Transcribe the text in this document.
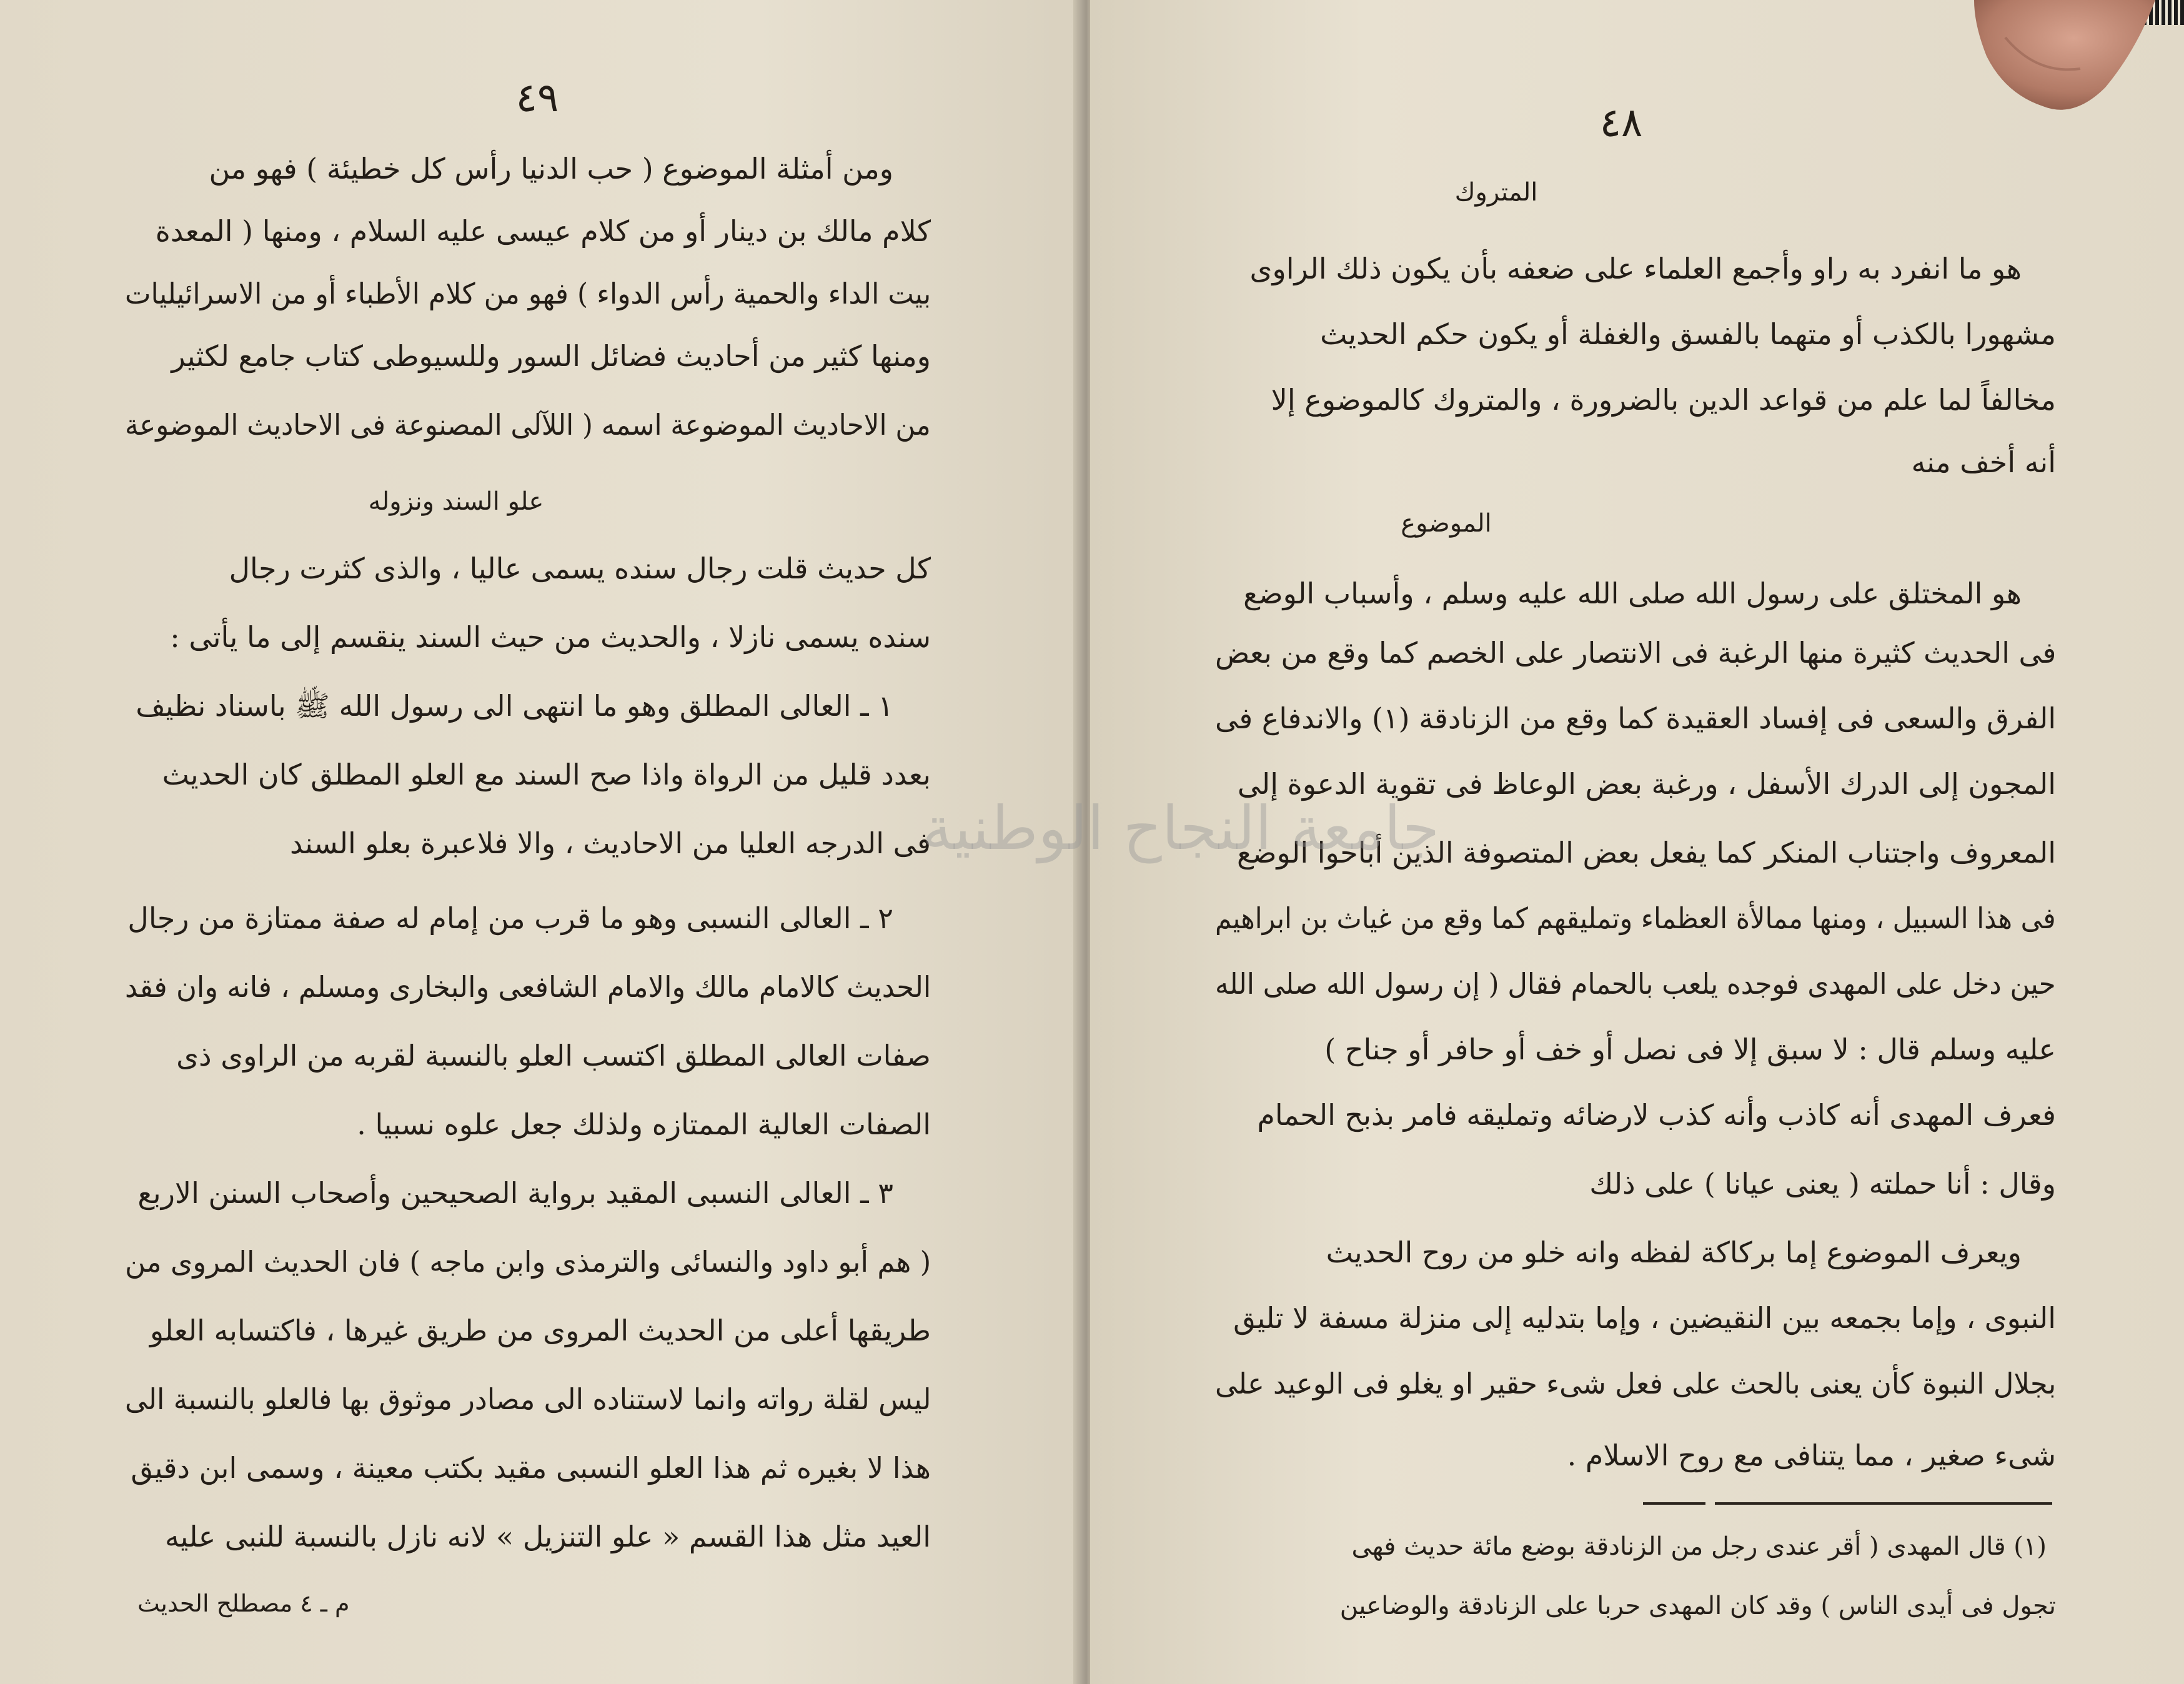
٤٩
ومن أمثلة الموضوع ( حب الدنيا رأس كل خطيئة ) فهو من
كلام مالك بن دينار أو من كلام عيسى عليه السلام ، ومنها ( المعدة
بيت الداء والحمية رأس الدواء ) فهو من كلام الأطباء أو من الاسرائيليات
ومنها كثير من أحاديث فضائل السور وللسيوطى كتاب جامع لكثير
من الاحاديث الموضوعة اسمه ( اللآلى المصنوعة فى الاحاديث الموضوعة
علو السند ونزوله
كل حديث قلت رجال سنده يسمى عاليا ، والذى كثرت رجال
سنده يسمى نازلا ، والحديث من حيث السند ينقسم إلى ما يأتى :
١ ـ العالى المطلق وهو ما انتهى الى رسول الله ﷺ باسناد نظيف
بعدد قليل من الرواة واذا صح السند مع العلو المطلق كان الحديث
فى الدرجه العليا من الاحاديث ، والا فلاعبرة بعلو السند
٢ ـ العالى النسبى وهو ما قرب من إمام له صفة ممتازة من رجال
الحديث كالامام مالك والامام الشافعى والبخارى ومسلم ، فانه وان فقد
صفات العالى المطلق اكتسب العلو بالنسبة لقربه من الراوى ذى
الصفات العالية الممتازه ولذلك جعل علوه نسبيا .
٣ ـ العالى النسبى المقيد برواية الصحيحين وأصحاب السنن الاربع
( هم أبو داود والنسائى والترمذى وابن ماجه ) فان الحديث المروى من
طريقها أعلى من الحديث المروى من طريق غيرها ، فاكتسابه العلو
ليس لقلة رواته وانما لاستناده الى مصادر موثوق بها فالعلو بالنسبة الى
هذا لا بغيره ثم هذا العلو النسبى مقيد بكتب معينة ، وسمى ابن دقيق
العيد مثل هذا القسم « علو التنزيل » لانه نازل بالنسبة للنبى عليه
م ـ ٤ مصطلح الحديث
٤٨
المتروك
هو ما انفرد به راو وأجمع العلماء على ضعفه بأن يكون ذلك الراوى
مشهورا بالكذب أو متهما بالفسق والغفلة أو يكون حكم الحديث
مخالفاً لما علم من قواعد الدين بالضرورة ، والمتروك كالموضوع إلا
أنه أخف منه
الموضوع
هو المختلق على رسول الله صلى الله عليه وسلم ، وأسباب الوضع
فى الحديث كثيرة منها الرغبة فى الانتصار على الخصم كما وقع من بعض
الفرق والسعى فى إفساد العقيدة كما وقع من الزنادقة (١) والاندفاع فى
المجون إلى الدرك الأسفل ، ورغبة بعض الوعاظ فى تقوية الدعوة إلى
المعروف واجتناب المنكر كما يفعل بعض المتصوفة الذين أباحوا الوضع
فى هذا السبيل ، ومنها ممالأة العظماء وتمليقهم كما وقع من غياث بن ابراهيم
حين دخل على المهدى فوجده يلعب بالحمام فقال ( إن رسول الله صلى الله
عليه وسلم قال : لا سبق إلا فى نصل أو خف أو حافر أو جناح )
فعرف المهدى أنه كاذب وأنه كذب لارضائه وتمليقه فامر بذبح الحمام
وقال : أنا حملته ( يعنى عيانا ) على ذلك
ويعرف الموضوع إما بركاكة لفظه وانه خلو من روح الحديث
النبوى ، وإما بجمعه بين النقيضين ، وإما بتدليه إلى منزلة مسفة لا تليق
بجلال النبوة كأن يعنى بالحث على فعل شىء حقير او يغلو فى الوعيد على
شىء صغير ، مما يتنافى مع روح الاسلام .
(١) قال المهدى ( أقر عندى رجل من الزنادقة بوضع مائة حديث فهى
تجول فى أيدى الناس ) وقد كان المهدى حربا على الزنادقة والوضاعين
جامعة النجاح الوطنية
